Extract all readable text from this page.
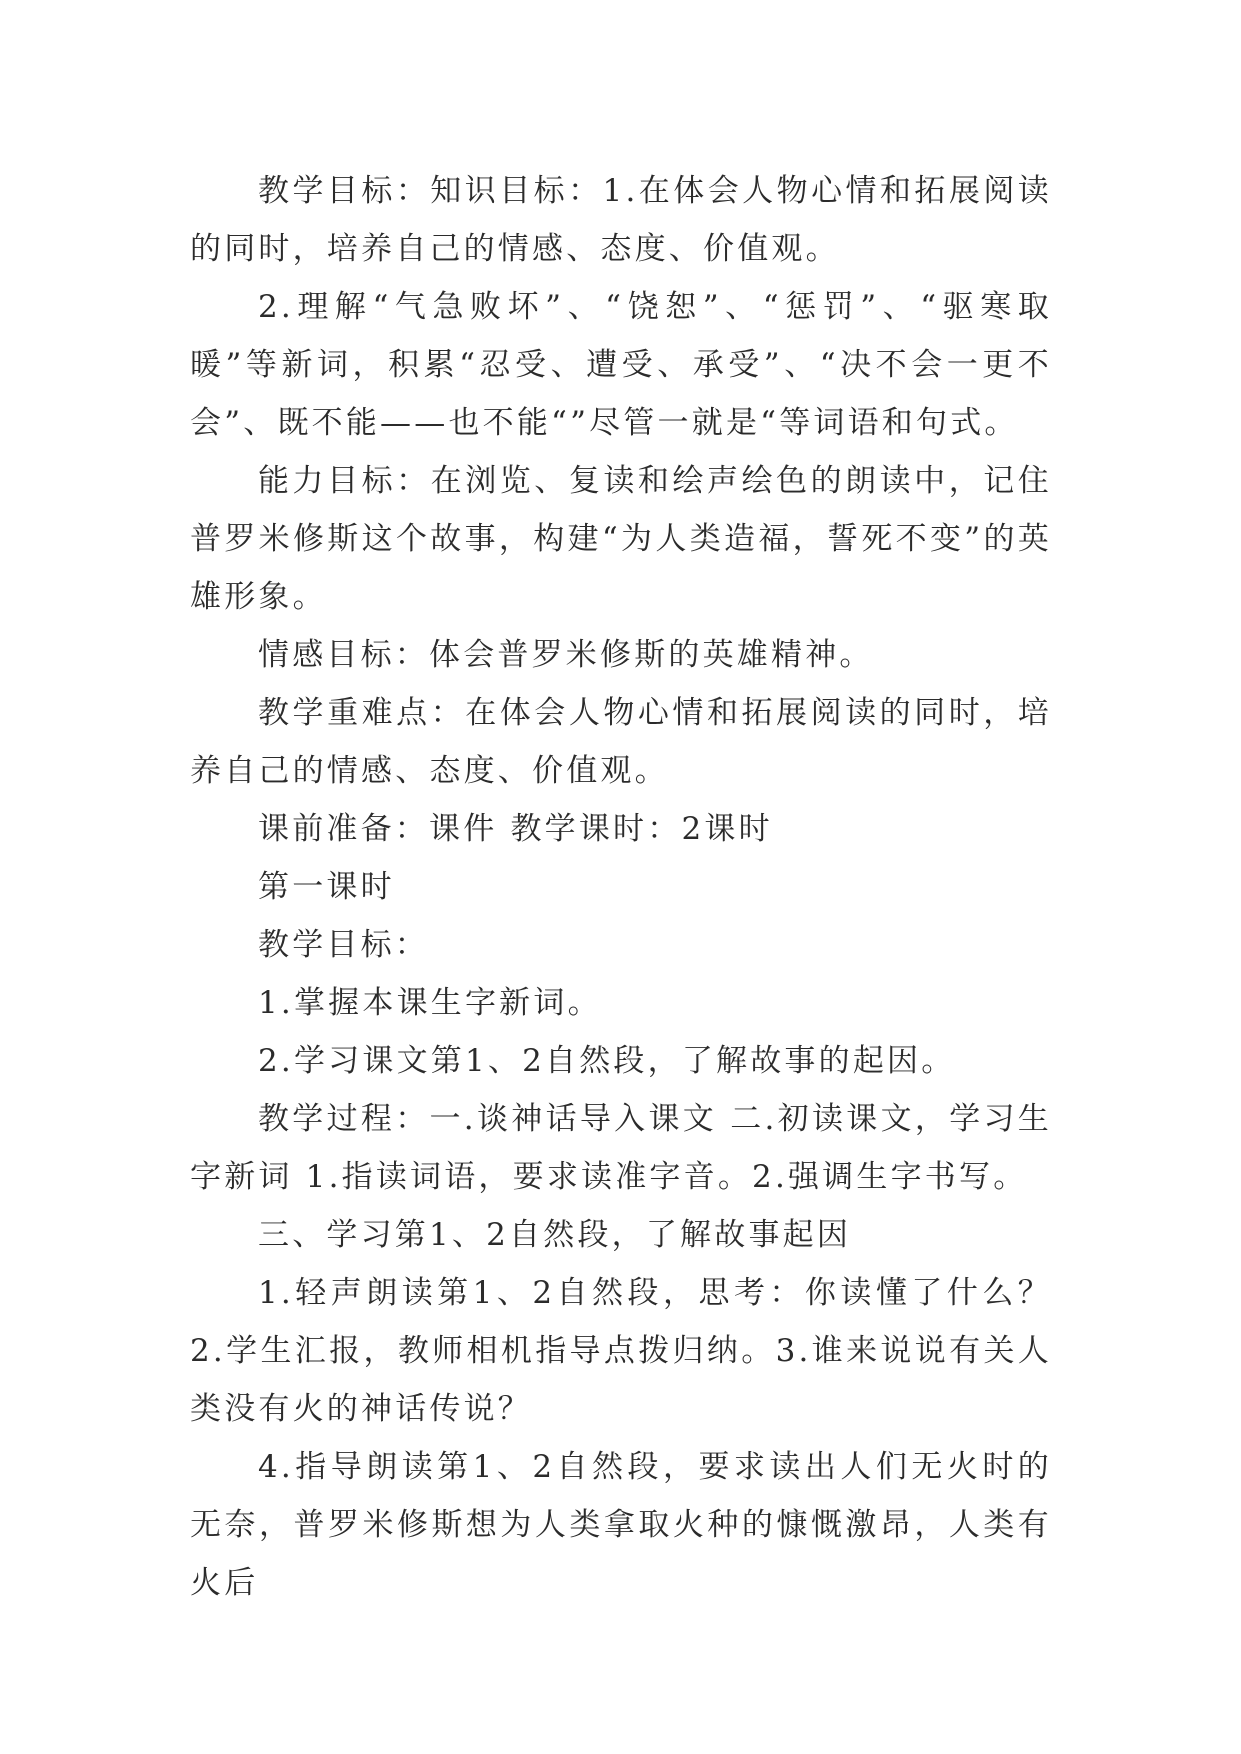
教学目标：知识目标：1.在体会人物心情和拓展阅读的同时，培养自己的情感、态度、价值观。

2.理解“气急败坏”、“饶恕”、“惩罚”、“驱寒取暖”等新词，积累“忍受、遭受、承受”、“决不会一更不会”、既不能——也不能“”尽管一就是“等词语和句式。

能力目标：在浏览、复读和绘声绘色的朗读中，记住普罗米修斯这个故事，构建“为人类造福，誓死不变”的英雄形象。

情感目标：体会普罗米修斯的英雄精神。

教学重难点：在体会人物心情和拓展阅读的同时，培养自己的情感、态度、价值观。

课前准备：课件 教学课时：2课时

第一课时

教学目标：

1.掌握本课生字新词。

2.学习课文第1、2自然段，了解故事的起因。

教学过程：一.谈神话导入课文 二.初读课文，学习生字新词 1.指读词语，要求读准字音。2.强调生字书写。

三、学习第1、2自然段，了解故事起因

1.轻声朗读第1、2自然段，思考：你读懂了什么？2.学生汇报，教师相机指导点拨归纳。3.谁来说说有关人类没有火的神话传说？

4.指导朗读第1、2自然段，要求读出人们无火时的无奈，普罗米修斯想为人类拿取火种的慷慨激昂，人类有火后
